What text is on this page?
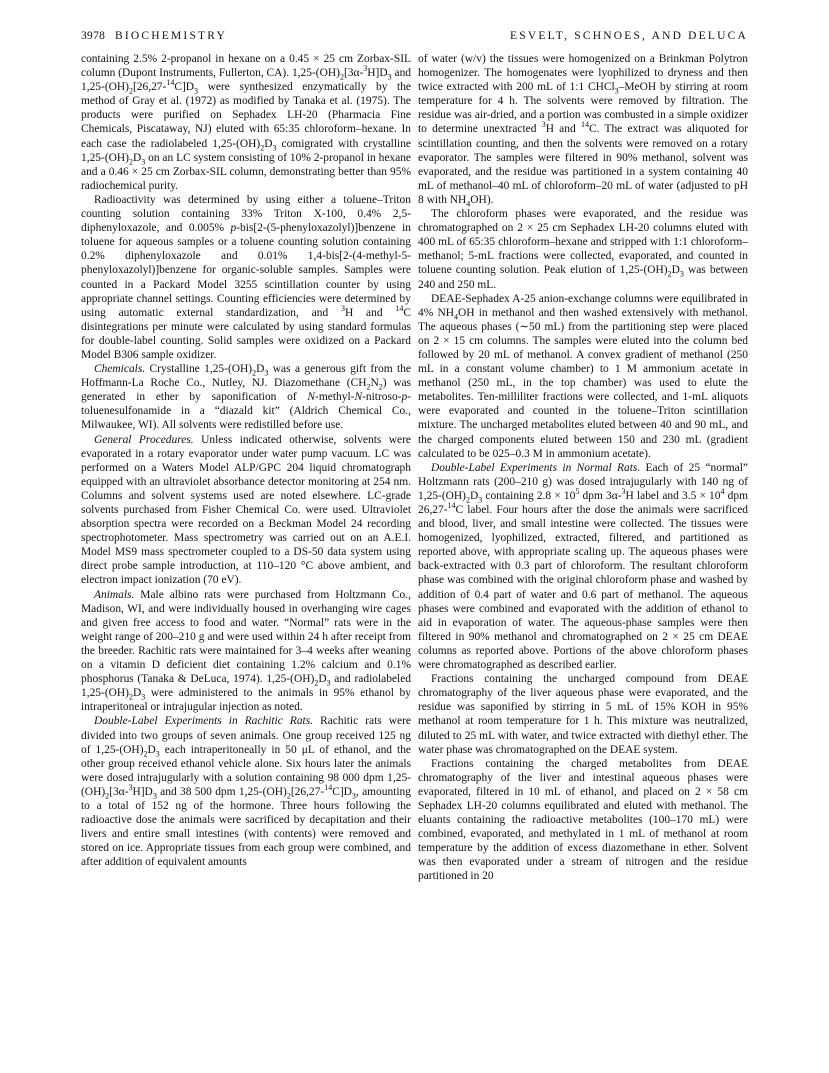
3978 BIOCHEMISTRY	ESVELT, SCHNOES, AND DELUCA

containing 2.5% 2-propanol in hexane on a 0.45 × 25 cm Zorbax-SIL column (Dupont Instruments, Fullerton, CA). $1,25-(OH)_2[3\alpha-^3H]D_3$ and $1,25-(OH)_2[26,27-^{14}C]D_3$ were synthesized enzymatically by the method of Gray et al. (1972) as modified by Tanaka et al. (1975). The products were purified on Sephadex LH-20 (Pharmacia Fine Chemicals, Piscataway, NJ) eluted with 65:35 chloroform–hexane. In each case the radiolabeled $1,25-(OH)_2D_3$ comigrated with crystalline $1,25-(OH)_2D_3$ on an LC system consisting of 10% 2-propanol in hexane and a 0.46 × 25 cm Zorbax-SIL column, demonstrating better than 95% radiochemical purity.

Radioactivity was determined by using either a toluene–Triton counting solution containing 33% Triton X-100, 0.4% 2,5-diphenyloxazole, and 0.005% p-bis[2-(5-phenyloxazolyl)]benzene in toluene for aqueous samples or a toluene counting solution containing 0.2% diphenyloxazole and 0.01% 1,4-bis[2-(4-methyl-5-phenyloxazolyl)]benzene for organic-soluble samples. Samples were counted in a Packard Model 3255 scintillation counter by using appropriate channel settings. Counting efficiencies were determined by using automatic external standardization, and $^3$H and $^{14}$C disintegrations per minute were calculated by using standard formulas for double-label counting. Solid samples were oxidized on a Packard Model B306 sample oxidizer.

Chemicals. Crystalline $1,25-(OH)_2D_3$ was a generous gift from the Hoffmann-La Roche Co., Nutley, NJ. Diazomethane $(CH_2N_2)$ was generated in ether by saponification of N-methyl-N-nitroso-p-toluenesulfonamide in a “diazald kit” (Aldrich Chemical Co., Milwaukee, WI). All solvents were redistilled before use.

General Procedures. Unless indicated otherwise, solvents were evaporated in a rotary evaporator under water pump vacuum. LC was performed on a Waters Model ALP/GPC 204 liquid chromatograph equipped with an ultraviolet absorbance detector monitoring at 254 nm. Columns and solvent systems used are noted elsewhere. LC-grade solvents purchased from Fisher Chemical Co. were used. Ultraviolet absorption spectra were recorded on a Beckman Model 24 recording spectrophotometer. Mass spectrometry was carried out on an A.E.I. Model MS9 mass spectrometer coupled to a DS-50 data system using direct probe sample introduction, at 110–120 °C above ambient, and electron impact ionization (70 eV).

Animals. Male albino rats were purchased from Holtzmann Co., Madison, WI, and were individually housed in overhanging wire cages and given free access to food and water. “Normal” rats were in the weight range of 200–210 g and were used within 24 h after receipt from the breeder. Rachitic rats were maintained for 3–4 weeks after weaning on a vitamin D deficient diet containing 1.2% calcium and 0.1% phosphorus (Tanaka & DeLuca, 1974). $1,25-(OH)_2D_3$ and radiolabeled $1,25-(OH)_2D_3$ were administered to the animals in 95% ethanol by intraperitoneal or intrajugular injection as noted.

Double-Label Experiments in Rachitic Rats. Rachitic rats were divided into two groups of seven animals. One group received 125 ng of $1,25-(OH)_2D_3$ each intraperitoneally in 50 μL of ethanol, and the other group received ethanol vehicle alone. Six hours later the animals were dosed intrajugularly with a solution containing 98 000 dpm $1,25-(OH)_2[3\alpha-^3H]D_3$ and 38 500 dpm $1,25-(OH)_2[26,27-^{14}C]D_3$, amounting to a total of 152 ng of the hormone. Three hours following the radioactive dose the animals were sacrificed by decapitation and their livers and entire small intestines (with contents) were removed and stored on ice. Appropriate tissues from each group were combined, and after addition of equivalent amounts

of water (w/v) the tissues were homogenized on a Brinkman Polytron homogenizer. The homogenates were lyophilized to dryness and then twice extracted with 200 mL of 1:1 CHCl$_3$–MeOH by stirring at room temperature for 4 h. The solvents were removed by filtration. The residue was air-dried, and a portion was combusted in a simple oxidizer to determine unextracted $^3$H and $^{14}$C. The extract was aliquoted for scintillation counting, and then the solvents were removed on a rotary evaporator. The samples were filtered in 90% methanol, solvent was evaporated, and the residue was partitioned in a system containing 40 mL of methanol–40 mL of chloroform–20 mL of water (adjusted to pH 8 with $NH_4OH$).

The chloroform phases were evaporated, and the residue was chromatographed on 2 × 25 cm Sephadex LH-20 columns eluted with 400 mL of 65:35 chloroform–hexane and stripped with 1:1 chloroform–methanol; 5-mL fractions were collected, evaporated, and counted in toluene counting solution. Peak elution of $1,25-(OH)_2D_3$ was between 240 and 250 mL.

DEAE-Sephadex A-25 anion-exchange columns were equilibrated in 4% $NH_4OH$ in methanol and then washed extensively with methanol. The aqueous phases (∼50 mL) from the partitioning step were placed on 2 × 15 cm columns. The samples were eluted into the column bed followed by 20 mL of methanol. A convex gradient of methanol (250 mL in a constant volume chamber) to 1 M ammonium acetate in methanol (250 mL, in the top chamber) was used to elute the metabolites. Ten-milliliter fractions were collected, and 1-mL aliquots were evaporated and counted in the toluene–Triton scintillation mixture. The uncharged metabolites eluted between 40 and 90 mL, and the charged components eluted between 150 and 230 mL (gradient calculated to be 025–0.3 M in ammonium acetate).

Double-Label Experiments in Normal Rats. Each of 25 “normal” Holtzmann rats (200–210 g) was dosed intrajugularly with 140 ng of $1,25-(OH)_2D_3$ containing $2.8 \times 10^5$ dpm 3α-$^3$H label and $3.5 \times 10^4$ dpm 26,27-$^{14}$C label. Four hours after the dose the animals were sacrificed and blood, liver, and small intestine were collected. The tissues were homogenized, lyophilized, extracted, filtered, and partitioned as reported above, with appropriate scaling up. The aqueous phases were back-extracted with 0.3 part of chloroform. The resultant chloroform phase was combined with the original chloroform phase and washed by addition of 0.4 part of water and 0.6 part of methanol. The aqueous phases were combined and evaporated with the addition of ethanol to aid in evaporation of water. The aqueous-phase samples were then filtered in 90% methanol and chromatographed on 2 × 25 cm DEAE columns as reported above. Portions of the above chloroform phases were chromatographed as described earlier.

Fractions containing the uncharged compound from DEAE chromatography of the liver aqueous phase were evaporated, and the residue was saponified by stirring in 5 mL of 15% KOH in 95% methanol at room temperature for 1 h. This mixture was neutralized, diluted to 25 mL with water, and twice extracted with diethyl ether. The water phase was chromatographed on the DEAE system.

Fractions containing the charged metabolites from DEAE chromatography of the liver and intestinal aqueous phases were evaporated, filtered in 10 mL of ethanol, and placed on 2 × 58 cm Sephadex LH-20 columns equilibrated and eluted with methanol. The eluants containing the radioactive metabolites (100–170 mL) were combined, evaporated, and methylated in 1 mL of methanol at room temperature by the addition of excess diazomethane in ether. Solvent was then evaporated under a stream of nitrogen and the residue partitioned in 20
